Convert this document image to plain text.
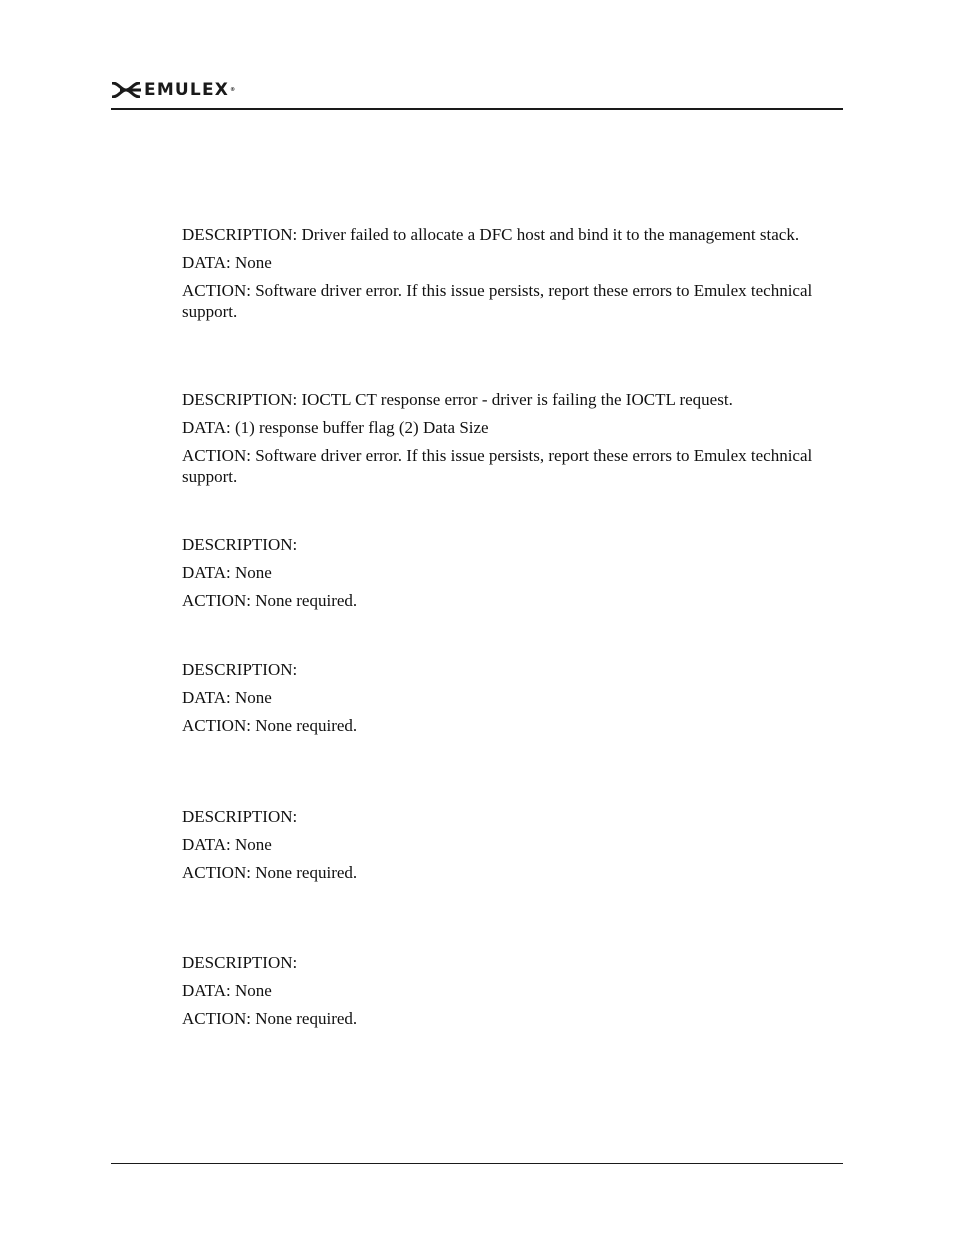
EMULEX®

DESCRIPTION: Driver failed to allocate a DFC host and bind it to the management stack.

DATA: None

ACTION: Software driver error. If this issue persists, report these errors to Emulex technical support.

DESCRIPTION: IOCTL CT response error - driver is failing the IOCTL request.

DATA: (1) response buffer flag (2) Data Size

ACTION: Software driver error. If this issue persists, report these errors to Emulex technical support.

DESCRIPTION:

DATA: None

ACTION: None required.

DESCRIPTION:

DATA: None

ACTION: None required.

DESCRIPTION:

DATA: None

ACTION: None required.

DESCRIPTION:

DATA: None

ACTION: None required.
